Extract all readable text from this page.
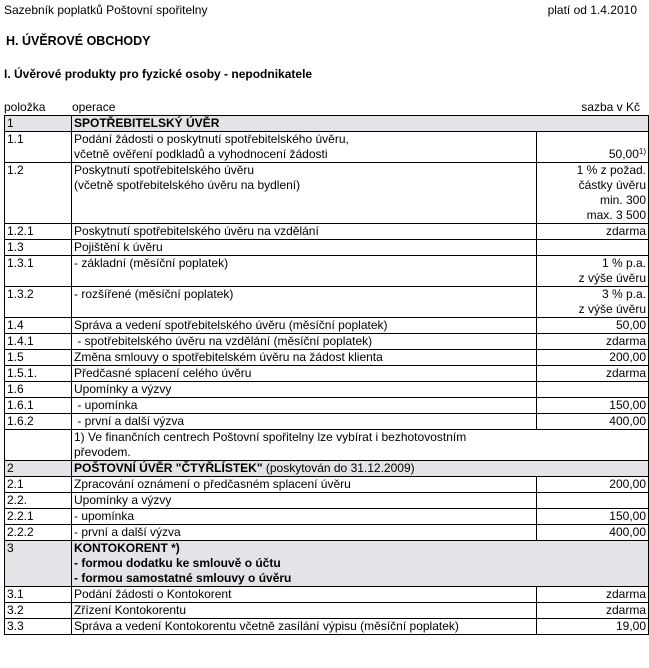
Sazebník poplatků Poštovní spořitelny	platí od 1.4.2010
H. ÚVĚROVÉ OBCHODY
I. Úvěrové produkty pro fyzické osoby - nepodnikatele
položka operace	sazba v Kč
1	SPOTŘEBITELSKÝ ÚVĚR	

1.1	Podání žádosti o poskytnutí spotřebitelského úvěru,
včetně ověření podkladů a vyhodnocení žádosti	50,00$^{1)}$
1.2	Poskytnutí spotřebitelského úvěru
(včetně spotřebitelského úvěru na bydlení)	1 % z požad.
částky úvěru
min. 300
max. 3 500

1.2.1	Poskytnutí spotřebitelského úvěru na vzdělání	zdarma
1.3	Pojištění k úvěru	
1.3.1	- základní (měsíční poplatek)	1 % p.a.
z výše úvěru

1.3.2	- rozšířené (měsíční poplatek)	3 % p.a.
z výše úvěru

1.4	Správa a vedení spotřebitelského úvěru (měsíční poplatek)	50,00
1.4.1	- spotřebitelského úvěru na vzdělání (měsíční poplatek)	zdarma
1.5	Změna smlouvy o spotřebitelském úvěru na žádost klienta	200,00
1.5.1.	Předčasné splacení celého úvěru	zdarma
1.6	Upomínky a výzvy	
1.6.1	- upomínka	150,00
1.6.2	- první a další výzva	400,00

	1) Ve finančních centrech Poštovní spořitelny lze vybírat i bezhotovostním
převodem.	

2	POŠTOVNÍ ÚVĚR "ČTYŘLÍSTEK" (poskytován do 31.12.2009)	
2.1	Zpracování oznámení o předčasném splacení úvěru	200,00
2.2.	Upomínky a výzvy	
2.2.1	- upomínka	150,00
2.2.2	- první a další výzva	400,00
3	KONTOKORENT *)
- formou dodatku ke smlouvě o účtu
- formou samostatné smlouvy o úvěru	

3.1	Podání žádosti o Kontokorent	zdarma
3.2	Zřízení Kontokorentu	zdarma
3.3	Správa a vedení Kontokorentu včetně zasílání výpisu (měsíční poplatek)	19,00
